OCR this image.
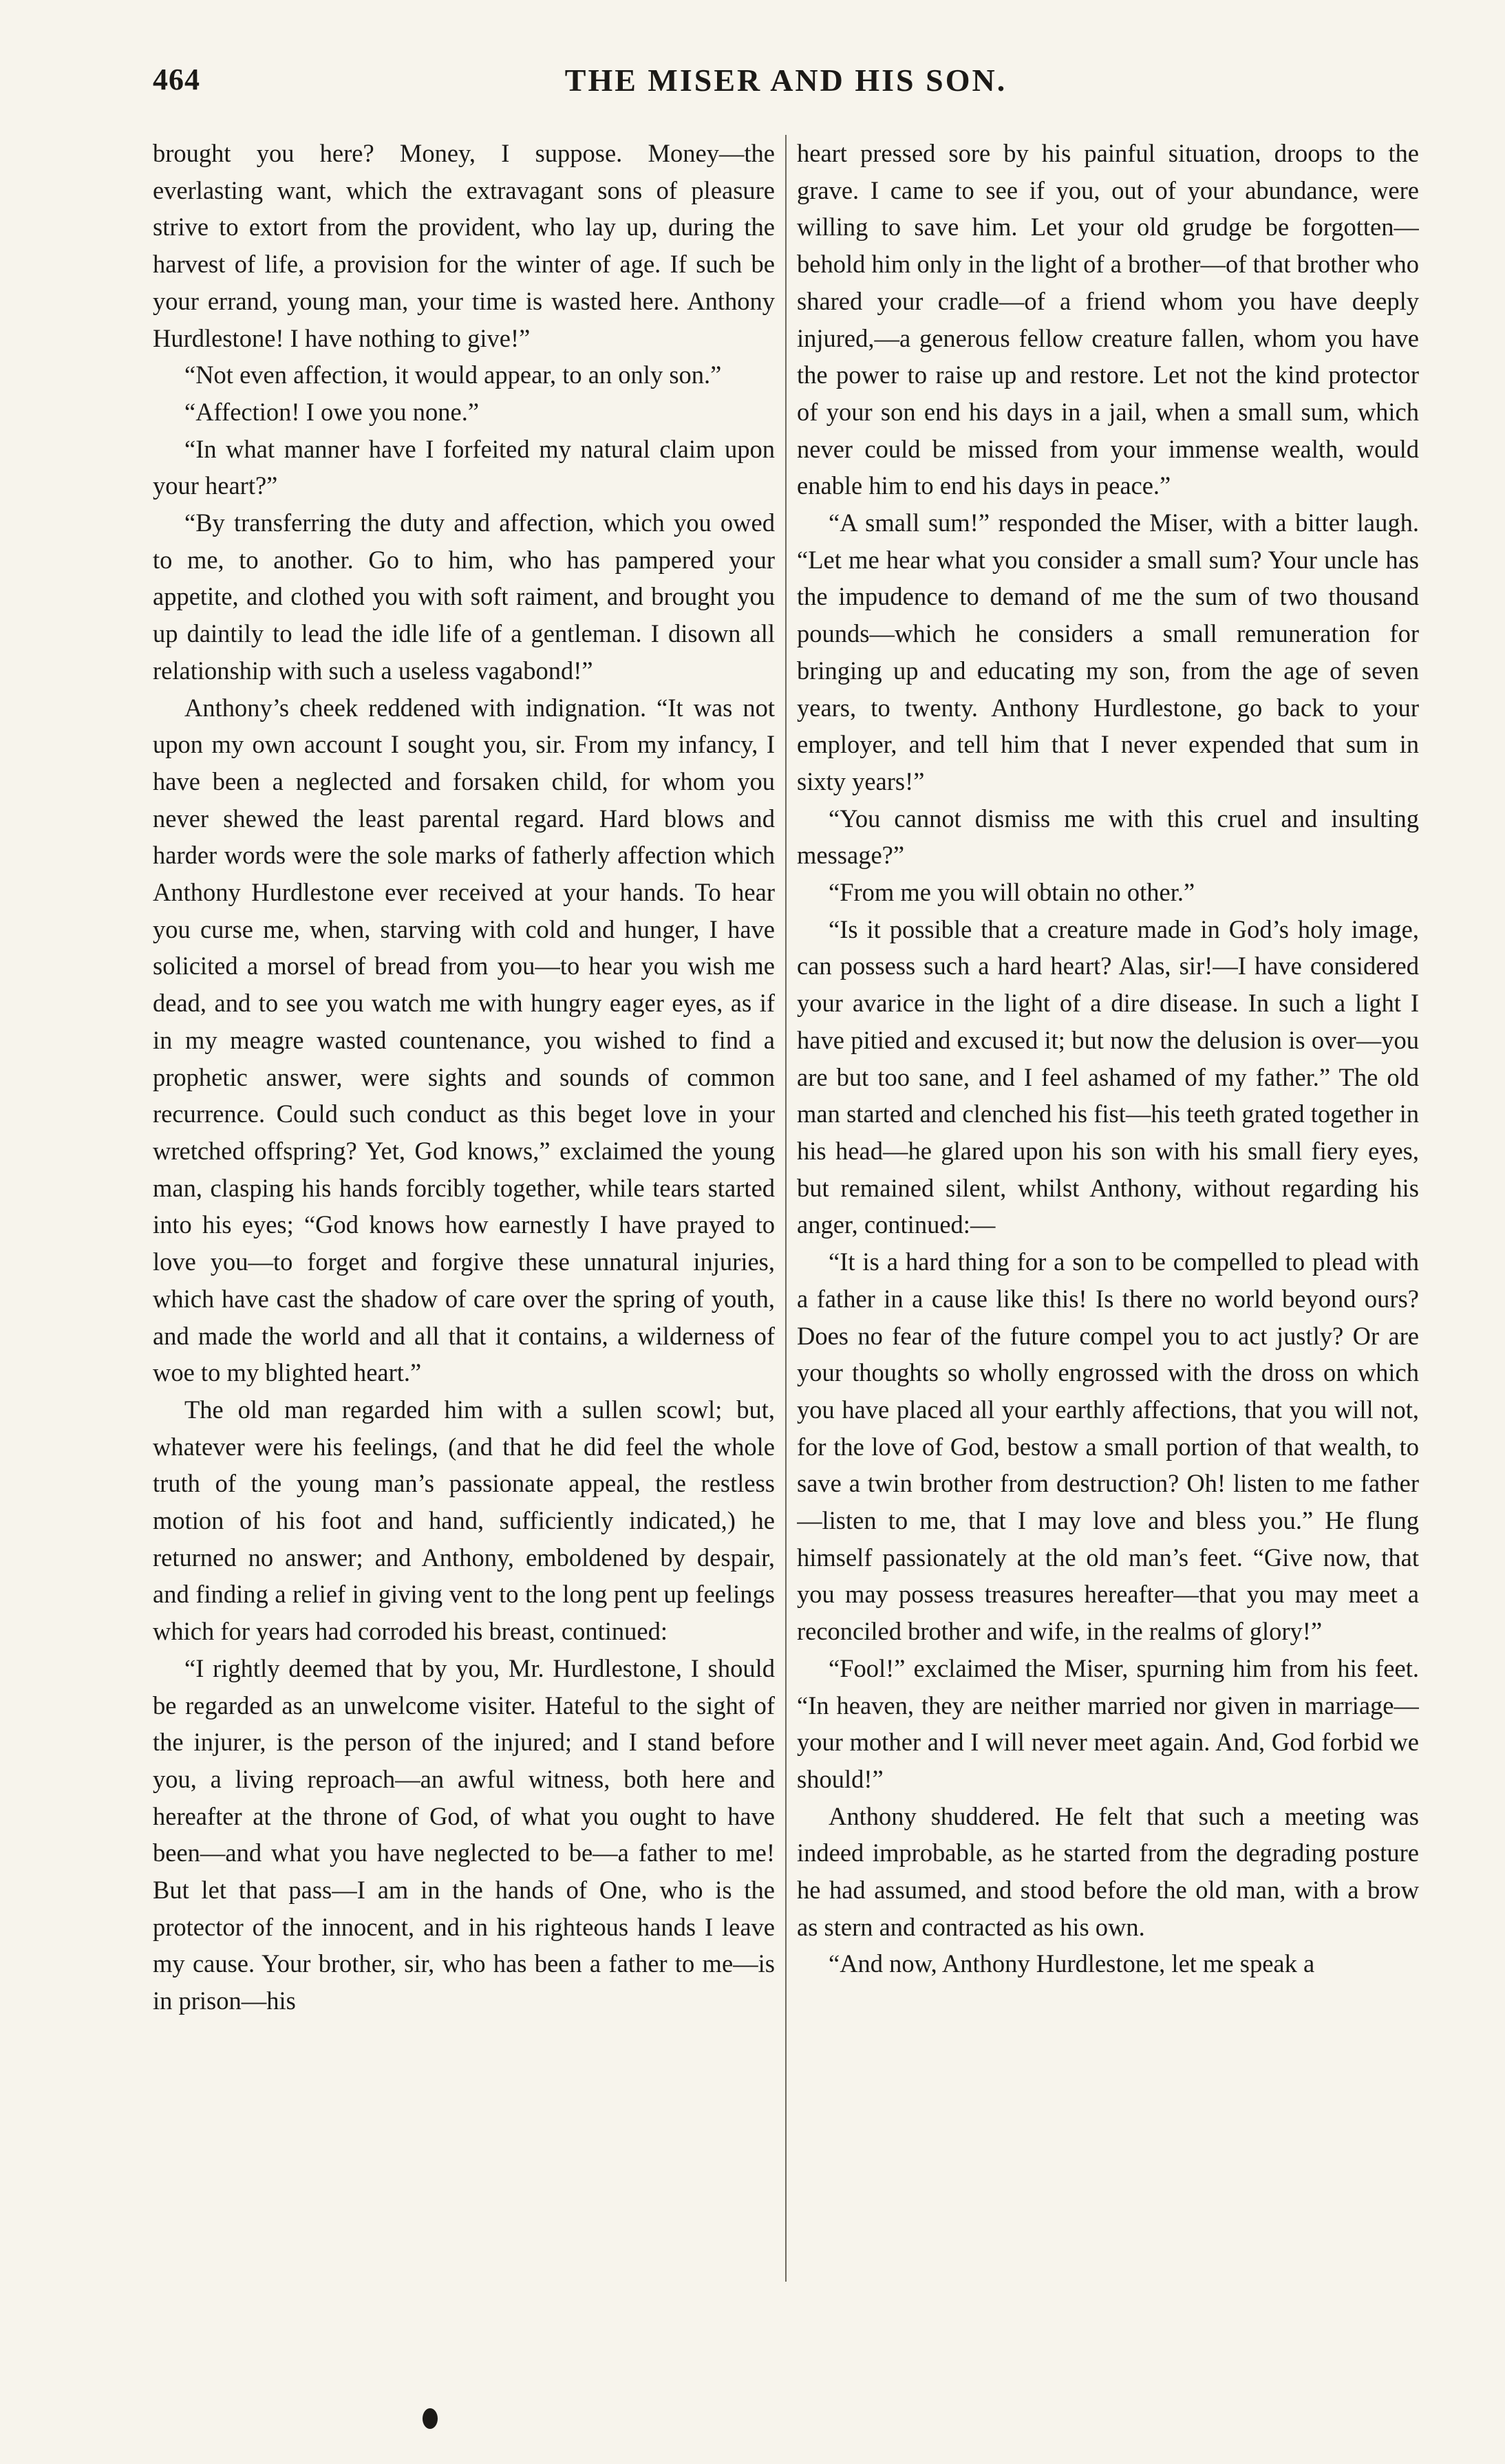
464	THE MISER AND HIS SON.

brought you here? Money, I suppose. Money—the everlasting want, which the extravagant sons of pleasure strive to extort from the provident, who lay up, during the harvest of life, a provision for the winter of age. If such be your errand, young man, your time is wasted here. Anthony Hurdlestone! I have nothing to give!”

“Not even affection, it would appear, to an only son.”

“Affection! I owe you none.”

“In what manner have I forfeited my natural claim upon your heart?”

“By transferring the duty and affection, which you owed to me, to another. Go to him, who has pampered your appetite, and clothed you with soft raiment, and brought you up daintily to lead the idle life of a gentleman. I disown all relationship with such a useless vagabond!”

Anthony’s cheek reddened with indignation. “It was not upon my own account I sought you, sir. From my infancy, I have been a neglected and forsaken child, for whom you never shewed the least parental regard. Hard blows and harder words were the sole marks of fatherly affection which Anthony Hurdlestone ever received at your hands. To hear you curse me, when, starving with cold and hunger, I have solicited a morsel of bread from you—to hear you wish me dead, and to see you watch me with hungry eager eyes, as if in my meagre wasted countenance, you wished to find a prophetic answer, were sights and sounds of common recurrence. Could such conduct as this beget love in your wretched offspring? Yet, God knows,” exclaimed the young man, clasping his hands forcibly together, while tears started into his eyes; “God knows how earnestly I have prayed to love you—to forget and forgive these unnatural injuries, which have cast the shadow of care over the spring of youth, and made the world and all that it contains, a wilderness of woe to my blighted heart.”

The old man regarded him with a sullen scowl; but, whatever were his feelings, (and that he did feel the whole truth of the young man’s passionate appeal, the restless motion of his foot and hand, sufficiently indicated,) he returned no answer; and Anthony, emboldened by despair, and finding a relief in giving vent to the long pent up feelings which for years had corroded his breast, continued:

“I rightly deemed that by you, Mr. Hurdlestone, I should be regarded as an unwelcome visiter. Hateful to the sight of the injurer, is the person of the injured; and I stand before you, a living reproach—an awful witness, both here and hereafter at the throne of God, of what you ought to have been—and what you have neglected to be—a father to me! But let that pass—I am in the hands of One, who is the protector of the innocent, and in his righteous hands I leave my cause. Your brother, sir, who has been a father to me—is in prison—his

heart pressed sore by his painful situation, droops to the grave. I came to see if you, out of your abundance, were willing to save him. Let your old grudge be forgotten—behold him only in the light of a brother—of that brother who shared your cradle—of a friend whom you have deeply injured,—a generous fellow creature fallen, whom you have the power to raise up and restore. Let not the kind protector of your son end his days in a jail, when a small sum, which never could be missed from your immense wealth, would enable him to end his days in peace.”

“A small sum!” responded the Miser, with a bitter laugh. “Let me hear what you consider a small sum? Your uncle has the impudence to demand of me the sum of two thousand pounds—which he considers a small remuneration for bringing up and educating my son, from the age of seven years, to twenty. Anthony Hurdlestone, go back to your employer, and tell him that I never expended that sum in sixty years!”

“You cannot dismiss me with this cruel and insulting message?”

“From me you will obtain no other.”

“Is it possible that a creature made in God’s holy image, can possess such a hard heart? Alas, sir!—I have considered your avarice in the light of a dire disease. In such a light I have pitied and excused it; but now the delusion is over—you are but too sane, and I feel ashamed of my father.” The old man started and clenched his fist—his teeth grated together in his head—he glared upon his son with his small fiery eyes, but remained silent, whilst Anthony, without regarding his anger, continued:—

“It is a hard thing for a son to be compelled to plead with a father in a cause like this! Is there no world beyond ours? Does no fear of the future compel you to act justly? Or are your thoughts so wholly engrossed with the dross on which you have placed all your earthly affections, that you will not, for the love of God, bestow a small portion of that wealth, to save a twin brother from destruction? Oh! listen to me father—listen to me, that I may love and bless you.” He flung himself passionately at the old man’s feet. “Give now, that you may possess treasures hereafter—that you may meet a reconciled brother and wife, in the realms of glory!”

“Fool!” exclaimed the Miser, spurning him from his feet. “In heaven, they are neither married nor given in marriage—your mother and I will never meet again. And, God forbid we should!”

Anthony shuddered. He felt that such a meeting was indeed improbable, as he started from the degrading posture he had assumed, and stood before the old man, with a brow as stern and contracted as his own.

“And now, Anthony Hurdlestone, let me speak a
